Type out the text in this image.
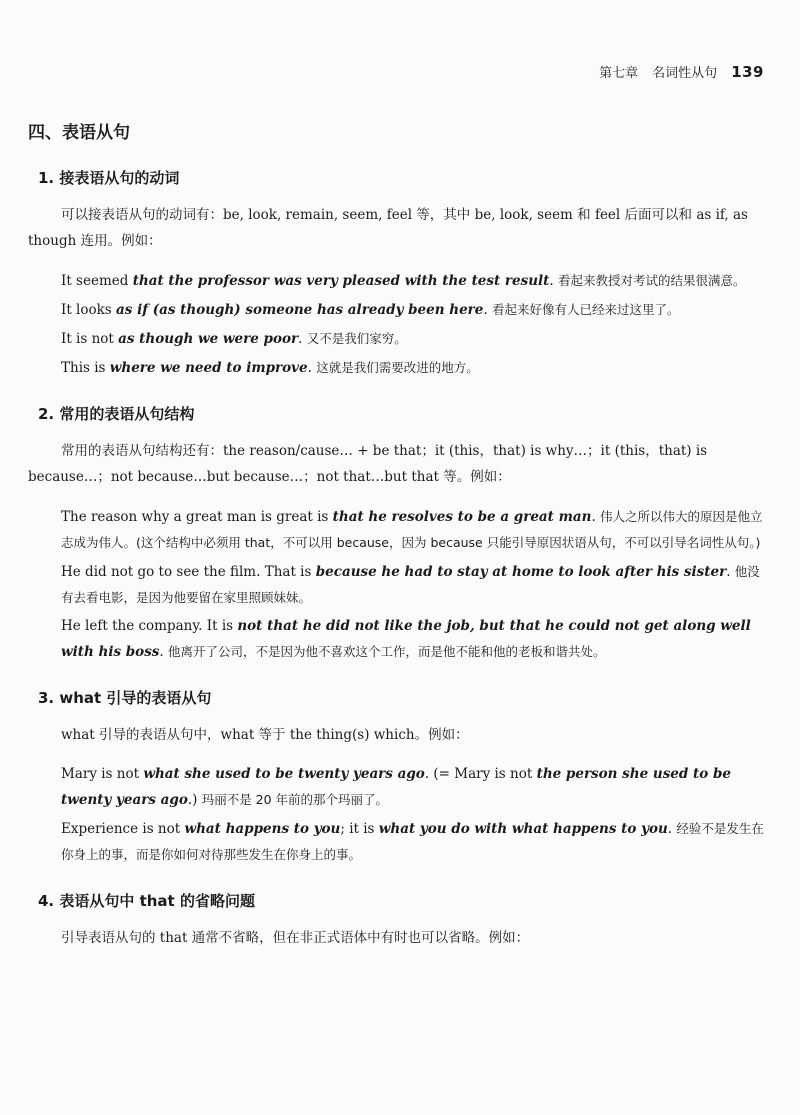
第七章 名词性从句 139
四、表语从句
1. 接表语从句的动词

可以接表语从句的动词有：be, look, remain, seem, feel 等，其中 be, look, seem 和 feel 后面可以和 as if, as though 连用。例如：

It seemed that the professor was very pleased with the test result. 看起来教授对考试的结果很满意。

It looks as if (as though) someone has already been here. 看起来好像有人已经来过这里了。

It is not as though we were poor. 又不是我们家穷。

This is where we need to improve. 这就是我们需要改进的地方。

2. 常用的表语从句结构

常用的表语从句结构还有：the reason/cause… + be that；it (this，that) is why…；it (this，that) is because…；not because…but because…；not that…but that 等。例如：

The reason why a great man is great is that he resolves to be a great man. 伟人之所以伟大的原因是他立志成为伟人。(这个结构中必须用 that，不可以用 because，因为 because 只能引导原因状语从句，不可以引导名词性从句。)

He did not go to see the film. That is because he had to stay at home to look after his sister. 他没有去看电影，是因为他要留在家里照顾妹妹。

He left the company. It is not that he did not like the job, but that he could not get along well with his boss. 他离开了公司，不是因为他不喜欢这个工作，而是他不能和他的老板和谐共处。

3. what 引导的表语从句

what 引导的表语从句中，what 等于 the thing(s) which。例如：

Mary is not what she used to be twenty years ago. (= Mary is not the person she used to be twenty years ago.) 玛丽不是 20 年前的那个玛丽了。

Experience is not what happens to you; it is what you do with what happens to you. 经验不是发生在你身上的事，而是你如何对待那些发生在你身上的事。

4. 表语从句中 that 的省略问题

引导表语从句的 that 通常不省略，但在非正式语体中有时也可以省略。例如：
